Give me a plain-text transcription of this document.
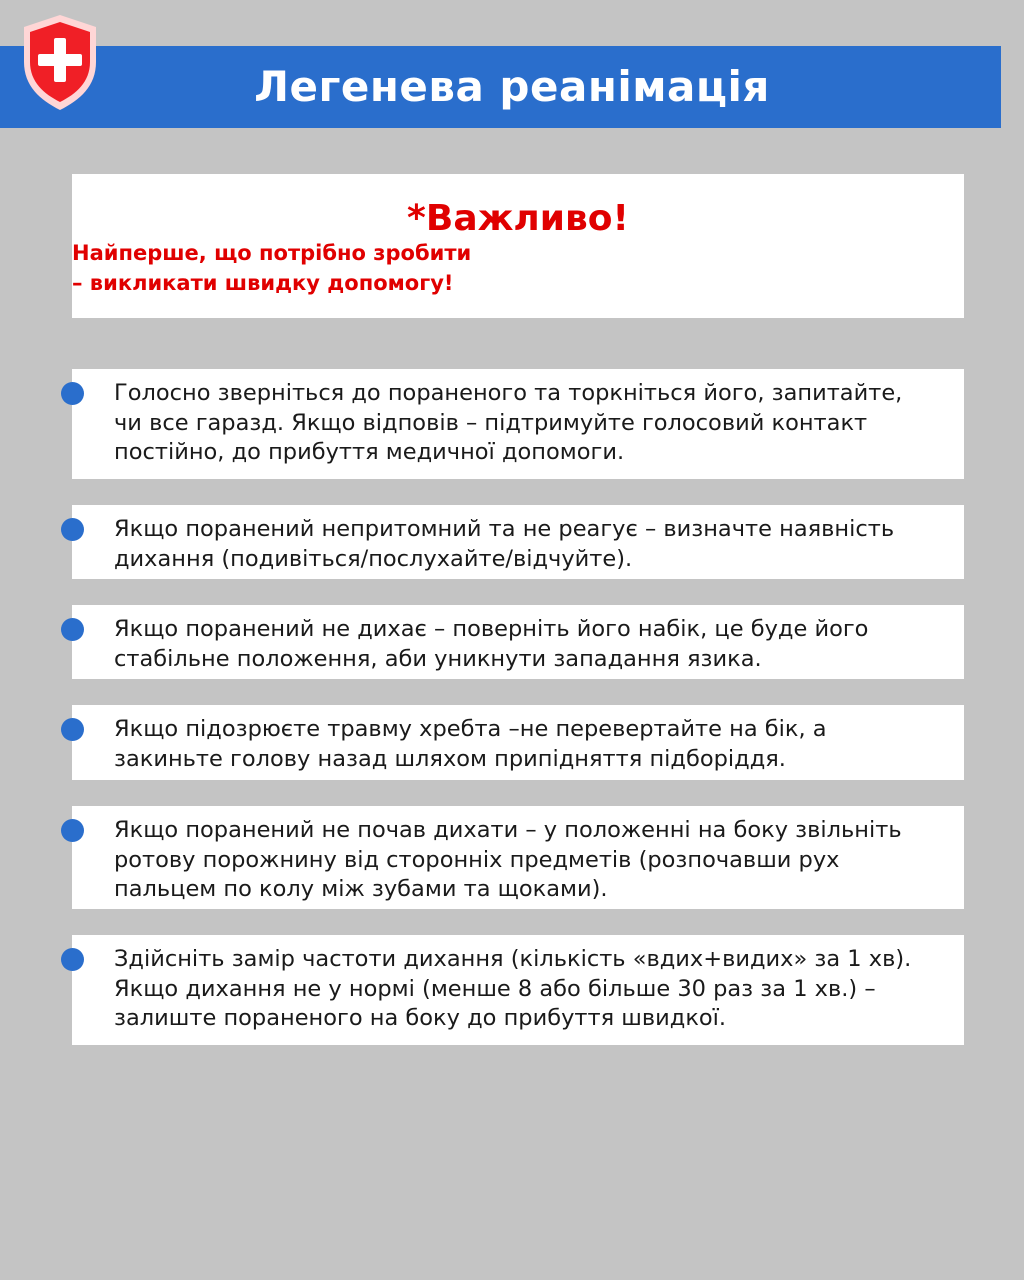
Легенева реанімація
*Важливо!
Найперше, що потрібно зробити
– викликати швидку допомогу!
Голосно зверніться до пораненого та торкніться його, запитайте,
чи все гаразд. Якщо відповів – підтримуйте голосовий контакт
постійно, до прибуття медичної допомоги.
Якщо поранений непритомний та не реагує – визначте наявність
дихання (подивіться/послухайте/відчуйте).
Якщо поранений не дихає – поверніть його набік, це буде його
стабільне положення, аби уникнути западання язика.
Якщо підозрюєте травму хребта –не перевертайте на бік, а
закиньте голову назад шляхом припідняття підборіддя.
Якщо поранений не почав дихати – у положенні на боку звільніть
ротову порожнину від сторонніх предметів (розпочавши рух
пальцем по колу між зубами та щоками).
Здійсніть замір частоти дихання (кількість «вдих+видих» за 1 хв).
Якщо дихання не у нормі (менше 8 або більше 30 раз за 1 хв.) –
залиште пораненого на боку до прибуття швидкої.
